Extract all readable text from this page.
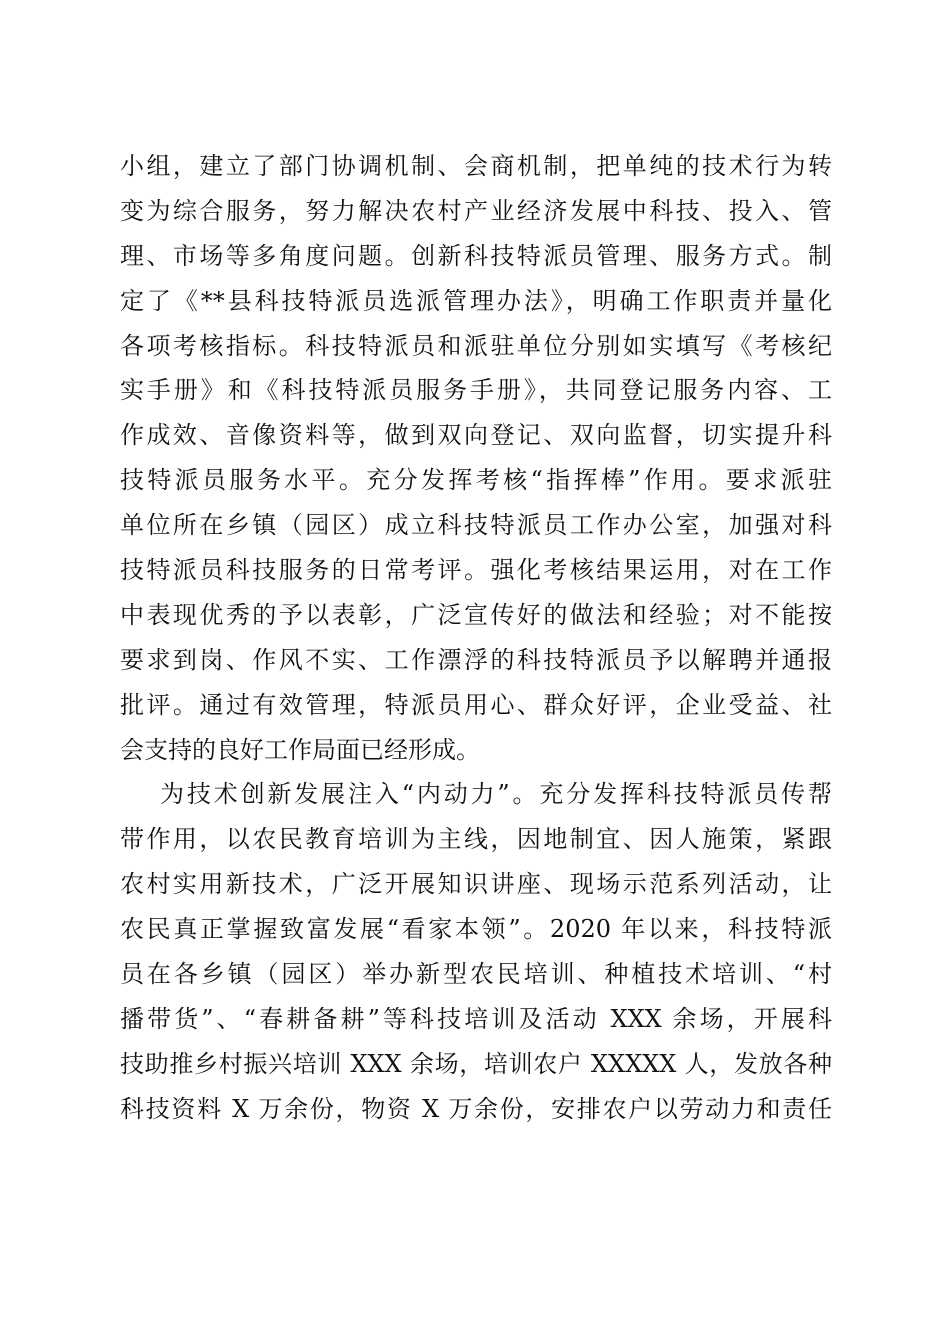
小组，建立了部门协调机制、会商机制，把单纯的技术行为转
变为综合服务，努力解决农村产业经济发展中科技、投入、管
理、市场等多角度问题。创新科技特派员管理、服务方式。制
定了《**县科技特派员选派管理办法》，明确工作职责并量化
各项考核指标。科技特派员和派驻单位分别如实填写《考核纪
实手册》和《科技特派员服务手册》，共同登记服务内容、工
作成效、音像资料等，做到双向登记、双向监督，切实提升科
技特派员服务水平。充分发挥考核“指挥棒”作用。要求派驻
单位所在乡镇（园区）成立科技特派员工作办公室，加强对科
技特派员科技服务的日常考评。强化考核结果运用，对在工作
中表现优秀的予以表彰，广泛宣传好的做法和经验；对不能按
要求到岗、作风不实、工作漂浮的科技特派员予以解聘并通报
批评。通过有效管理，特派员用心、群众好评，企业受益、社
会支持的良好工作局面已经形成。
为技术创新发展注入“内动力”。充分发挥科技特派员传帮
带作用，以农民教育培训为主线，因地制宜、因人施策，紧跟
农村实用新技术，广泛开展知识讲座、现场示范系列活动，让
农民真正掌握致富发展“看家本领”。2020 年以来，科技特派
员在各乡镇（园区）举办新型农民培训、种植技术培训、“村
播带货”、“春耕备耕”等科技培训及活动 XXX 余场，开展科
技助推乡村振兴培训 XXX 余场，培训农户 XXXXX 人，发放各种
科技资料 X 万余份，物资 X 万余份，安排农户以劳动力和责任
